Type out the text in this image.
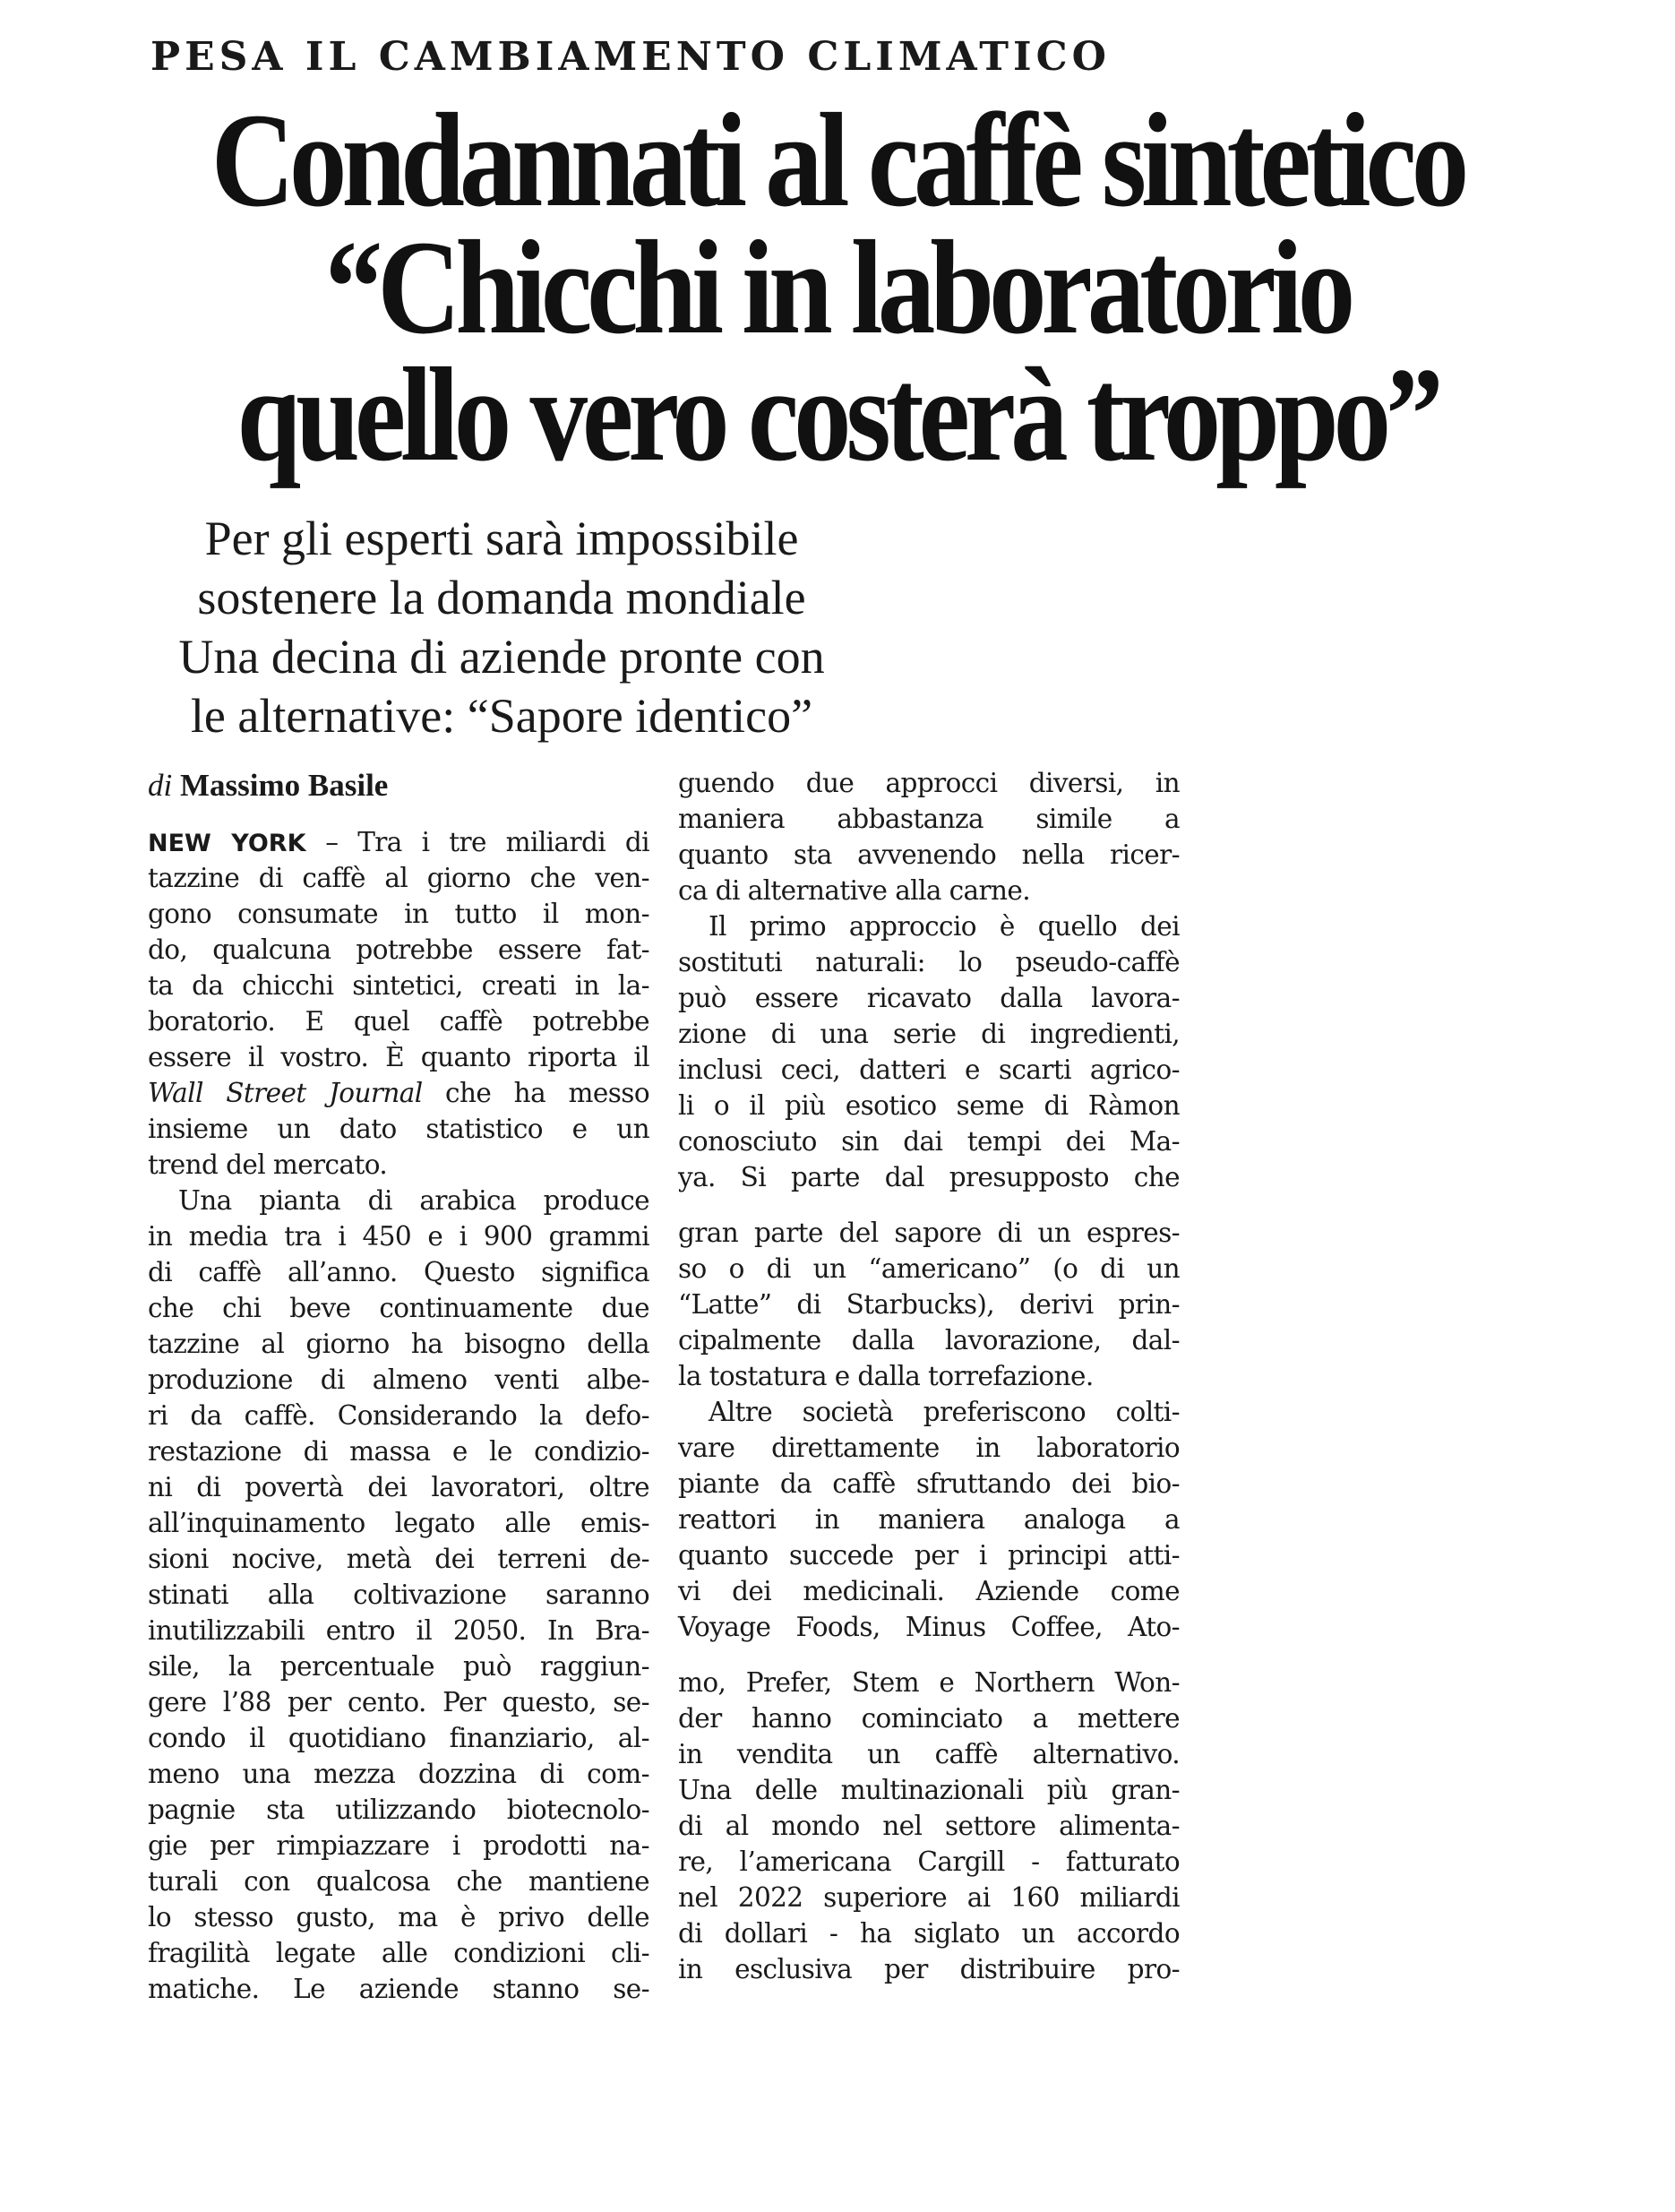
PESA IL CAMBIAMENTO CLIMATICO
Condannati al caffè sintetico
“Chicchi in laboratorio
quello vero costerà troppo”
Per gli esperti sarà impossibile
sostenere la domanda mondiale
Una decina di aziende pronte con
le alternative: “Sapore identico”
di Massimo Basile
NEW YORK – Tra i tre miliardi di
tazzine di caffè al giorno che ven-
gono consumate in tutto il mon-
do, qualcuna potrebbe essere fat-
ta da chicchi sintetici, creati in la-
boratorio. E quel caffè potrebbe
essere il vostro. È quanto riporta il
Wall Street Journal che ha messo
insieme un dato statistico e un
trend del mercato.
Una pianta di arabica produce
in media tra i 450 e i 900 grammi
di caffè all’anno. Questo significa
che chi beve continuamente due
tazzine al giorno ha bisogno della
produzione di almeno venti albe-
ri da caffè. Considerando la defo-
restazione di massa e le condizio-
ni di povertà dei lavoratori, oltre
all’inquinamento legato alle emis-
sioni nocive, metà dei terreni de-
stinati alla coltivazione saranno
inutilizzabili entro il 2050. In Bra-
sile, la percentuale può raggiun-
gere l’88 per cento. Per questo, se-
condo il quotidiano finanziario, al-
meno una mezza dozzina di com-
pagnie sta utilizzando biotecnolo-
gie per rimpiazzare i prodotti na-
turali con qualcosa che mantiene
lo stesso gusto, ma è privo delle
fragilità legate alle condizioni cli-
matiche. Le aziende stanno se-
guendo due approcci diversi, in
maniera abbastanza simile a
quanto sta avvenendo nella ricer-
ca di alternative alla carne.
Il primo approccio è quello dei
sostituti naturali: lo pseudo-caffè
può essere ricavato dalla lavora-
zione di una serie di ingredienti,
inclusi ceci, datteri e scarti agrico-
li o il più esotico seme di Ràmon
conosciuto sin dai tempi dei Ma-
ya. Si parte dal presupposto che
gran parte del sapore di un espres-
so o di un “americano” (o di un
“Latte” di Starbucks), derivi prin-
cipalmente dalla lavorazione, dal-
la tostatura e dalla torrefazione.
Altre società preferiscono colti-
vare direttamente in laboratorio
piante da caffè sfruttando dei bio-
reattori in maniera analoga a
quanto succede per i principi atti-
vi dei medicinali. Aziende come
Voyage Foods, Minus Coffee, Ato-
mo, Prefer, Stem e Northern Won-
der hanno cominciato a mettere
in vendita un caffè alternativo.
Una delle multinazionali più gran-
di al mondo nel settore alimenta-
re, l’americana Cargill - fatturato
nel 2022 superiore ai 160 miliardi
di dollari - ha siglato un accordo
in esclusiva per distribuire pro-
